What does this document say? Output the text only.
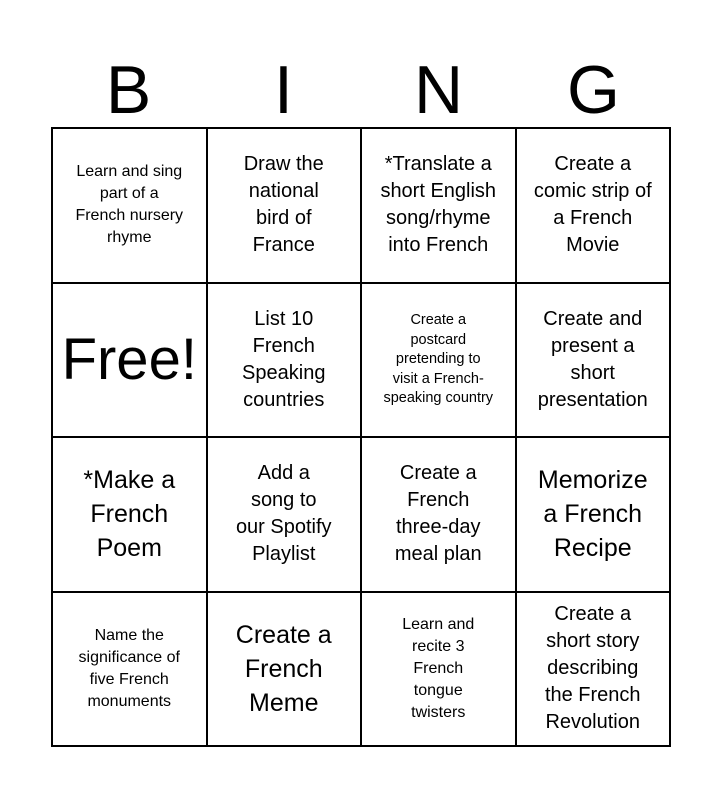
B	I	N	G
Learn and sing part of a French nursery rhyme
Draw the national bird of France
*Translate a short English song/rhyme into French
Create a comic strip of a French Movie
Free!
List 10 French Speaking countries
Create a postcard pretending to visit a French-speaking country
Create and present a short presentation
*Make a French Poem
Add a song to our Spotify Playlist
Create a French three-day meal plan
Memorize a French Recipe
Name the significance of five French monuments
Create a French Meme
Learn and recite 3 French tongue twisters
Create a short story describing the French Revolution
